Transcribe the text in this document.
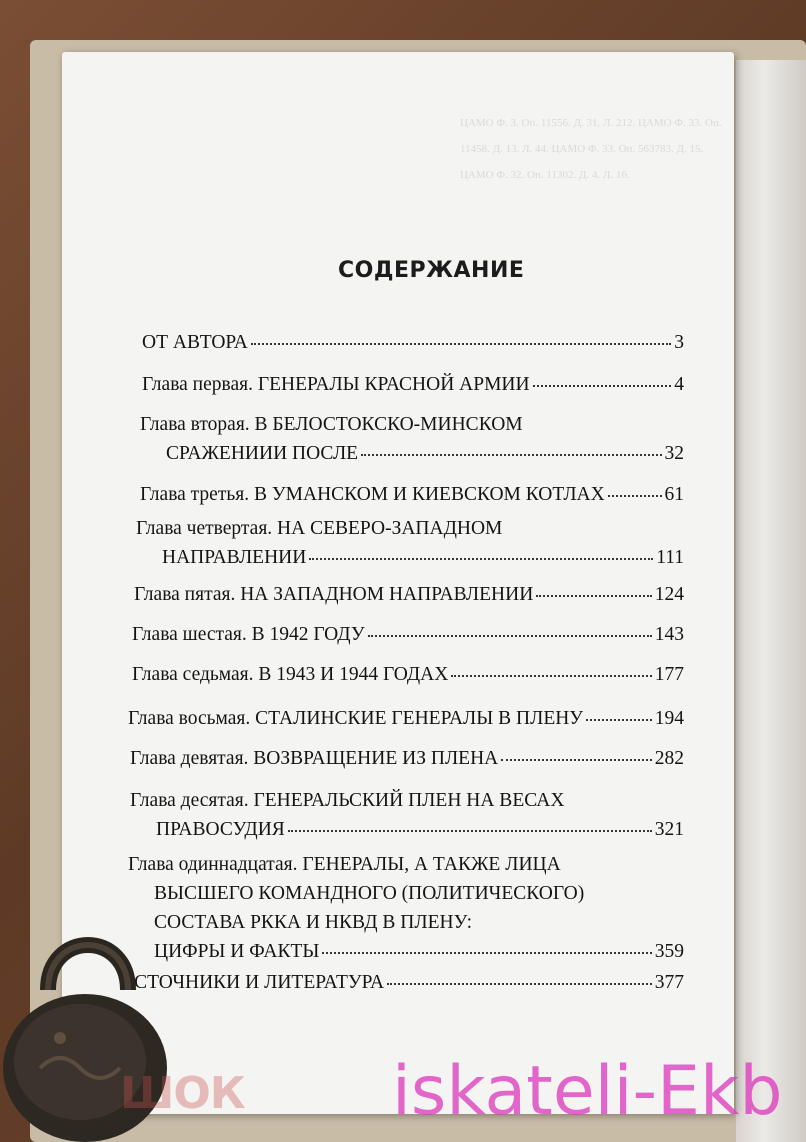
ЦАМО Ф. 3. Оп. 11556. Д. 31. Л. 212. ЦАМО Ф. 33. Оп. 11458. Д. 13. Л. 44. ЦАМО Ф. 33. Оп. 563783. Д. 15. ЦАМО Ф. 32. Оп. 11302. Д. 4. Л. 16.
СОДЕРЖАНИЕ
ОТ АВТОРА	3
Глава первая. ГЕНЕРАЛЫ КРАСНОЙ АРМИИ	4
Глава вторая. В БЕЛОСТОКСКО-МИНСКОМ
СРАЖЕНИИИ ПОСЛЕ	32
Глава третья. В УМАНСКОМ И КИЕВСКОМ КОТЛАХ	61
Глава четвертая. НА СЕВЕРО-ЗАПАДНОМ
НАПРАВЛЕНИИ	111
Глава пятая. НА ЗАПАДНОМ НАПРАВЛЕНИИ	124
Глава шестая. В 1942 ГОДУ	143
Глава седьмая. В 1943 И 1944 ГОДАХ	177
Глава восьмая. СТАЛИНСКИЕ ГЕНЕРАЛЫ В ПЛЕНУ	194
Глава девятая. ВОЗВРАЩЕНИЕ ИЗ ПЛЕНА	282
Глава десятая. ГЕНЕРАЛЬСКИЙ ПЛЕН НА ВЕСАХ
ПРАВОСУДИЯ	321
Глава одиннадцатая. ГЕНЕРАЛЫ, А ТАКЖЕ ЛИЦА
ВЫСШЕГО КОМАНДНОГО (ПОЛИТИЧЕСКОГО)
СОСТАВА РККА И НКВД В ПЛЕНУ:
ЦИФРЫ И ФАКТЫ	359
ИСТОЧНИКИ И ЛИТЕРАТУРА	377
ШОК iskateli-Ekb
